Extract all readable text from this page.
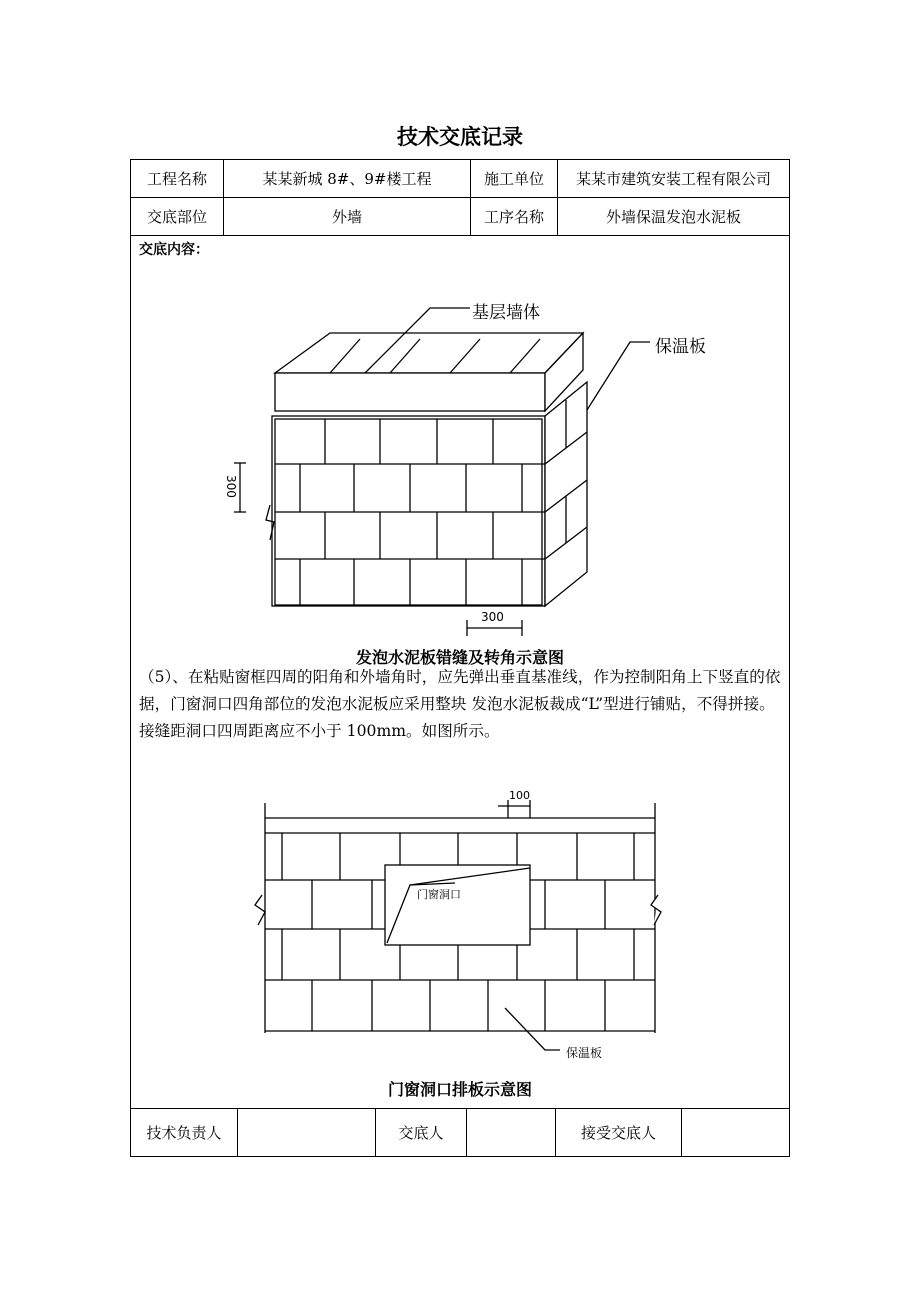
技术交底记录
工程名称	某某新城 8#、9#楼工程	施工单位	某某市建筑安装工程有限公司
交底部位	外墙	工序名称	外墙保温发泡水泥板
交底内容：
基层墙体
保温板
300
300
发泡水泥板错缝及转角示意图
（5）、在粘贴窗框四周的阳角和外墙角时，应先弹出垂直基准线，作为控制阳角上下竖直的依据，门窗洞口四角部位的发泡水泥板应采用整块 发泡水泥板裁成“L”型进行铺贴，不得拼接。接缝距洞口四周距离应不小于 100mm。如图所示。
100
门窗洞口
保温板
门窗洞口排板示意图
技术负责人		交底人		接受交底人	
